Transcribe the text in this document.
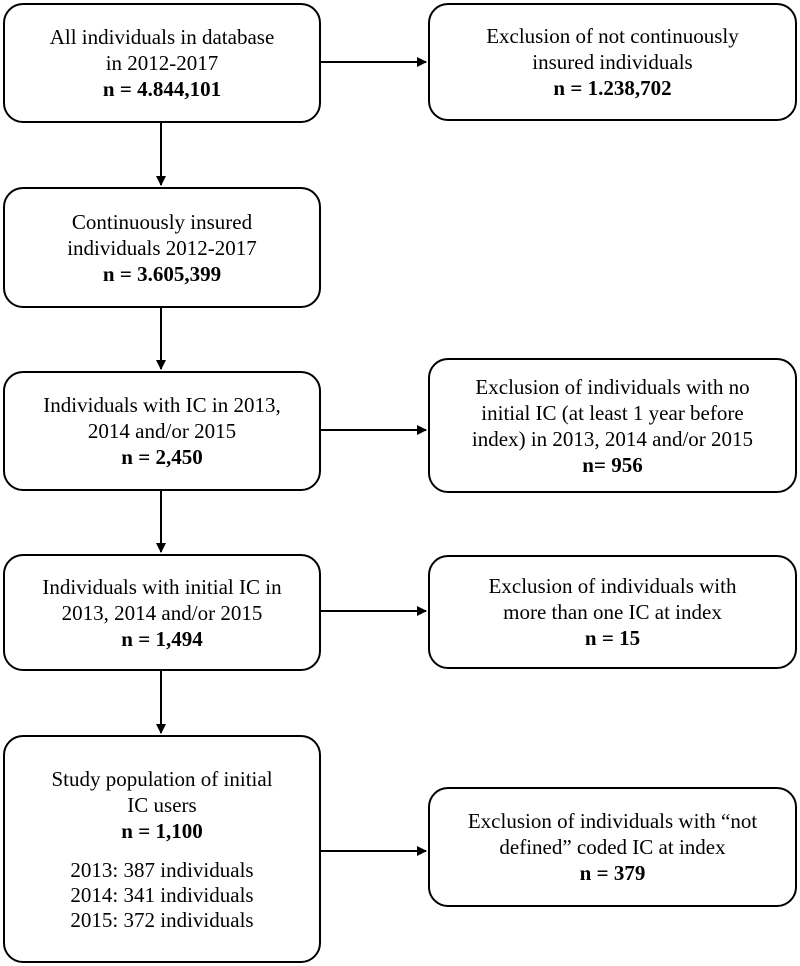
All individuals in database
in 2012-2017
n = 4.844,101
Continuously insured
individuals 2012-2017
n = 3.605,399
Individuals with IC in 2013,
2014 and/or 2015
n = 2,450
Individuals with initial IC in
2013, 2014 and/or 2015
n = 1,494
Study population of initial
IC users
n = 1,100
2013: 387 individuals
2014: 341 individuals
2015: 372 individuals
Exclusion of not continuously
insured individuals
n = 1.238,702
Exclusion of individuals with no
initial IC (at least 1 year before
index) in 2013, 2014 and/or 2015
n= 956
Exclusion of individuals with
more than one IC at index
n = 15
Exclusion of individuals with “not
defined” coded IC at index
n = 379
